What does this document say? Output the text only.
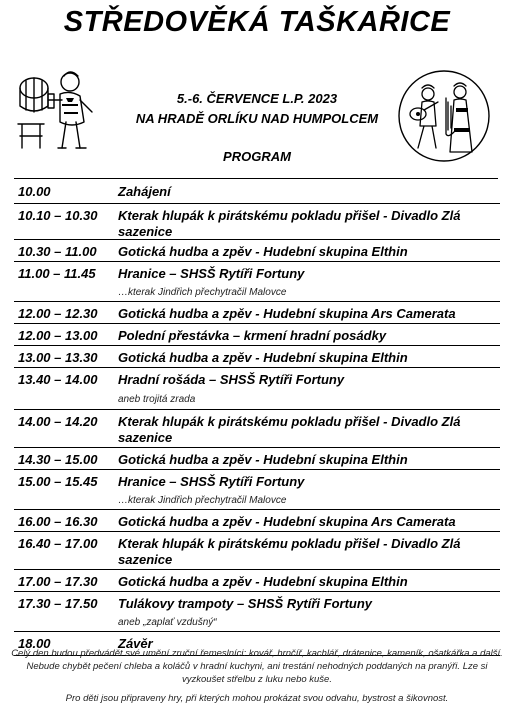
STŘEDOVĚKÁ TAŠKAŘICE
5.-6. ČERVENCE L.P. 2023
NA HRADĚ ORLÍKU NAD HUMPOLCEM
PROGRAM
10.00	Zahájení
10.10 – 10.30 Kterak hlupák k pirátskému pokladu přišel - Divadlo Zlá sazenice
10.30 – 11.00 Gotická hudba a zpěv - Hudební skupina Elthin
11.00 – 11.45 Hranice – SHSŠ Rytíři Fortuny
…kterak Jindřich přechytračil Malovce
12.00 – 12.30 Gotická hudba a zpěv - Hudební skupina Ars Camerata
12.00 – 13.00 Polední přestávka – krmení hradní posádky
13.00 – 13.30 Gotická hudba a zpěv - Hudební skupina Elthin
13.40 – 14.00 Hradní rošáda – SHSŠ Rytíři Fortuny
aneb trojitá zrada
14.00 – 14.20 Kterak hlupák k pirátskému pokladu přišel - Divadlo Zlá sazenice
14.30 – 15.00 Gotická hudba a zpěv - Hudební skupina Elthin
15.00 – 15.45 Hranice – SHSŠ Rytíři Fortuny
…kterak Jindřich přechytračil Malovce
16.00 – 16.30 Gotická hudba a zpěv - Hudební skupina Ars Camerata
16.40 – 17.00 Kterak hlupák k pirátskému pokladu přišel - Divadlo Zlá sazenice
17.00 – 17.30 Gotická hudba a zpěv - Hudební skupina Elthin
17.30 – 17.50 Tulákovy trampoty – SHSŠ Rytíři Fortuny
aneb „zaplať vzdušný“
18.00	Závěr

Celý den budou předvádět své umění zruční řemeslníci: kovář, hrnčíř, kachlář, drátenice, kameník, ošatkářka a další. Nebude chybět pečení chleba a koláčů v hradní kuchyni, ani trestání nehodných poddaných na pranýři. Lze si vyzkoušet střelbu z luku nebo kuše.

Pro děti jsou připraveny hry, při kterých mohou prokázat svou odvahu, bystrost a šikovnost.
